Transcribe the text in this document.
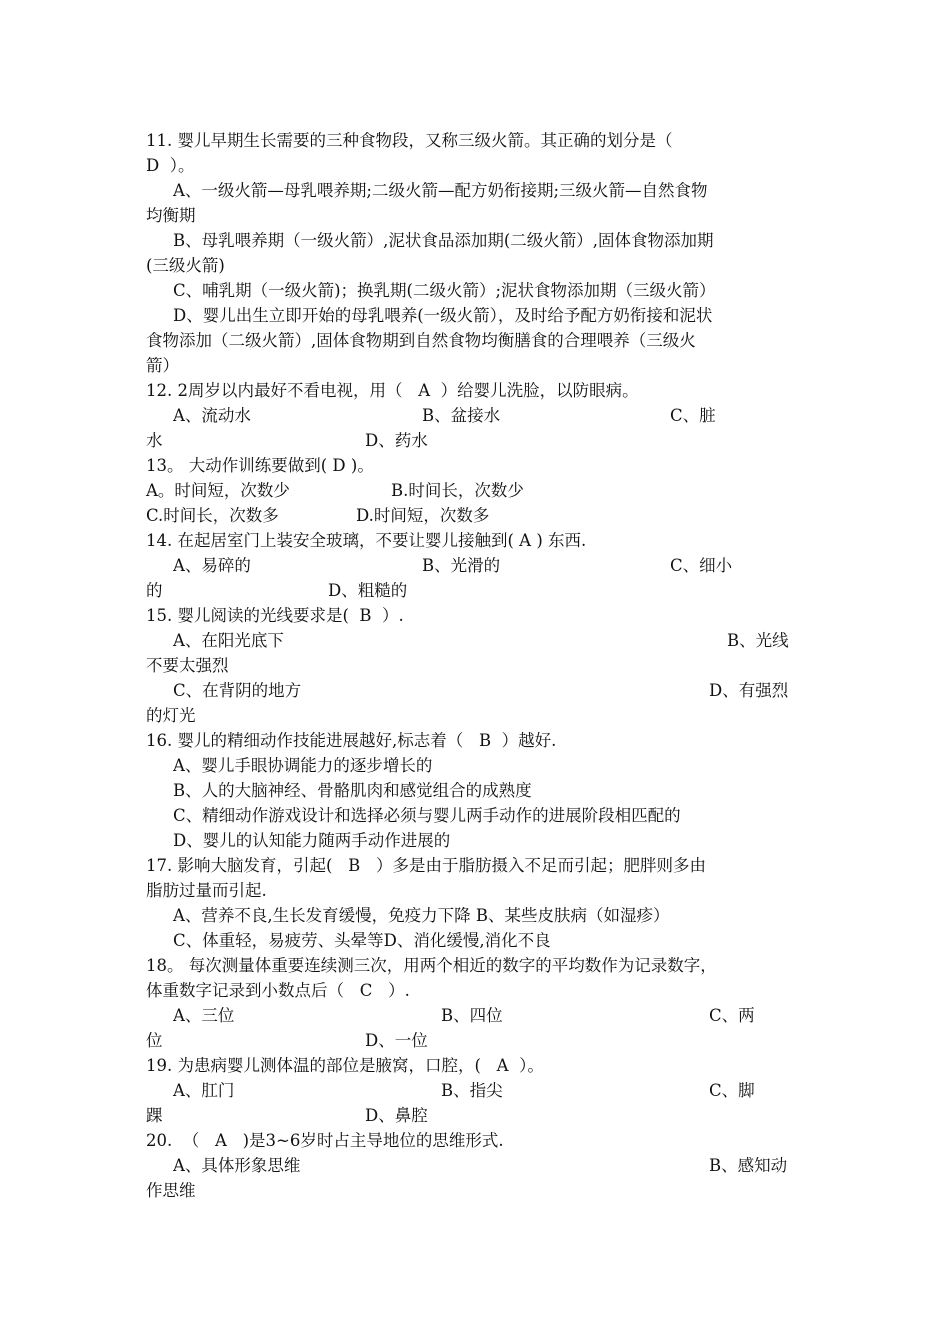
11. 婴儿早期生长需要的三种食物段，又称三级火箭。其正确的划分是（
D  ）。
A、一级火箭—母乳喂养期;二级火箭—配方奶衔接期;三级火箭—自然食物
均衡期
B、母乳喂养期（一级火箭）,泥状食品添加期(二级火箭）,固体食物添加期
(三级火箭)
C、哺乳期（一级火箭)；换乳期(二级火箭）;泥状食物添加期（三级火箭）
D、婴儿出生立即开始的母乳喂养(一级火箭），及时给予配方奶衔接和泥状
食物添加（二级火箭）,固体食物期到自然食物均衡膳食的合理喂养（三级火
箭）
12. 2周岁以内最好不看电视，用（   A  ）给婴儿洗脸，以防眼病。
A、流动水	B、盆接水	C、脏
水	D、药水
13。 大动作训练要做到( D )。
A。时间短，次数少	B.时间长，次数少
C.时间长，次数多	D.时间短，次数多
14. 在起居室门上装安全玻璃，不要让婴儿接触到( A ) 东西.
A、易碎的	B、光滑的	C、细小
的	D、粗糙的
15. 婴儿阅读的光线要求是(  B  ）.
A、在阳光底下	B、光线
不要太强烈
C、在背阴的地方	D、有强烈
的灯光
16. 婴儿的精细动作技能进展越好,标志着（   B  ）越好.
A、婴儿手眼协调能力的逐步增长的
B、人的大脑神经、骨骼肌肉和感觉组合的成熟度
C、精细动作游戏设计和选择必须与婴儿两手动作的进展阶段相匹配的
D、婴儿的认知能力随两手动作进展的
17. 影响大脑发育，引起(   B   ）多是由于脂肪摄入不足而引起；肥胖则多由
脂肪过量而引起.
A、营养不良,生长发育缓慢，免疫力下降 B、某些皮肤病（如湿疹）
C、体重轻，易疲劳、头晕等D、消化缓慢,消化不良
18。 每次测量体重要连续测三次，用两个相近的数字的平均数作为记录数字，
体重数字记录到小数点后（   C   ）.
A、三位	B、四位	C、两
位	D、一位
19. 为患病婴儿测体温的部位是腋窝，口腔，(   A  ）。
A、肛门	B、指尖	C、脚
踝	D、鼻腔
20.  （   A   )是3~6岁时占主导地位的思维形式.
A、具体形象思维	B、感知动
作思维
